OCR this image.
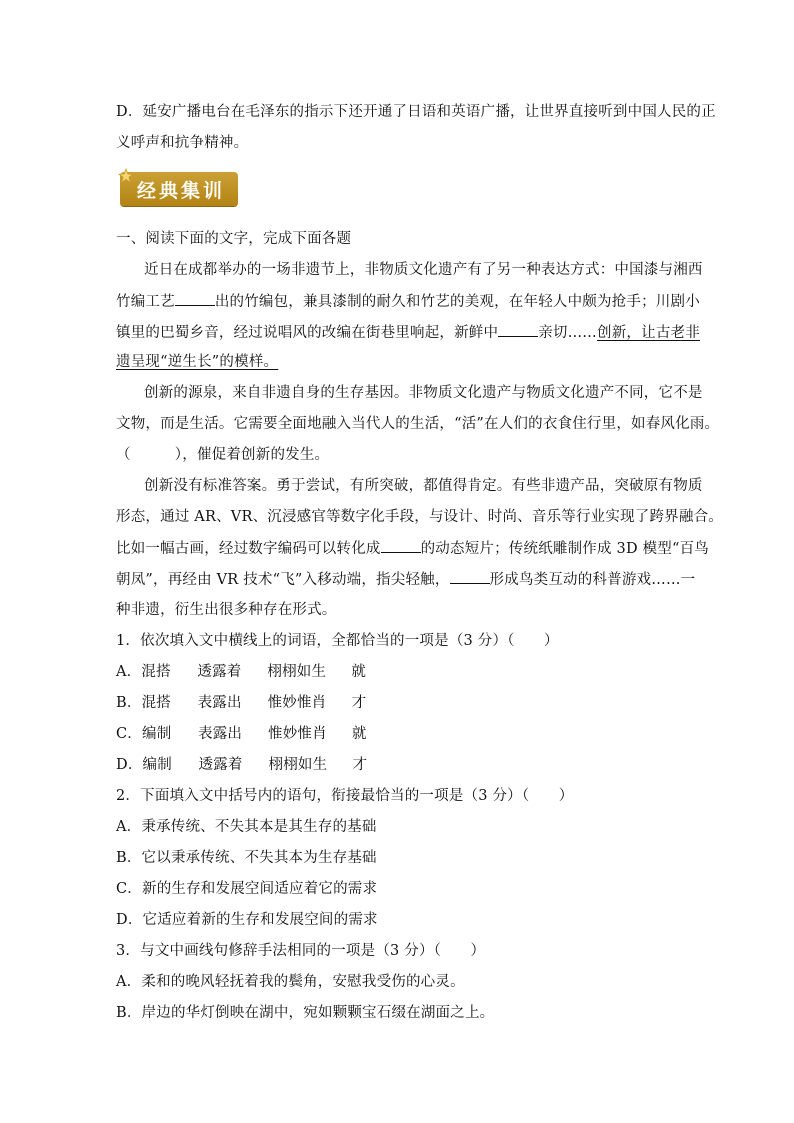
D．延安广播电台在毛泽东的指示下还开通了日语和英语广播，让世界直接听到中国人民的正
义呼声和抗争精神。
经典集训
一、阅读下面的文字，完成下面各题
近日在成都举办的一场非遗节上，非物质文化遗产有了另一种表达方式：中国漆与湘西
竹编工艺	出的竹编包，兼具漆制的耐久和竹艺的美观，在年轻人中颇为抢手；川剧小
镇里的巴蜀乡音，经过说唱风的改编在街巷里响起，新鲜中	亲切……创新，让古老非
遗呈现“逆生长”的模样。
创新的源泉，来自非遗自身的生存基因。非物质文化遗产与物质文化遗产不同，它不是
文物，而是生活。它需要全面地融入当代人的生活，“活”在人们的衣食住行里，如春风化雨。
（　　　），催促着创新的发生。
创新没有标准答案。勇于尝试，有所突破，都值得肯定。有些非遗产品，突破原有物质
形态，通过 AR、VR、沉浸感官等数字化手段，与设计、时尚、音乐等行业实现了跨界融合。
比如一幅古画，经过数字编码可以转化成	的动态短片；传统纸雕制作成 3D 模型“百鸟
朝凤”，再经由 VR 技术“飞”入移动端，指尖轻触，	形成鸟类互动的科普游戏……一
种非遗，衍生出很多种存在形式。
1．依次填入文中横线上的词语，全都恰当的一项是（3 分）（　　）
A．混搭 透露着 栩栩如生 就
B．混搭 表露出 惟妙惟肖 才
C．编制 表露出 惟妙惟肖 就
D．编制 透露着 栩栩如生 才
2．下面填入文中括号内的语句，衔接最恰当的一项是（3 分）（　　）
A．秉承传统、不失其本是其生存的基础
B．它以秉承传统、不失其本为生存基础
C．新的生存和发展空间适应着它的需求
D．它适应着新的生存和发展空间的需求
3．与文中画线句修辞手法相同的一项是（3 分）（　　）
A．柔和的晚风轻抚着我的鬓角，安慰我受伤的心灵。
B．岸边的华灯倒映在湖中，宛如颗颗宝石缀在湖面之上。
